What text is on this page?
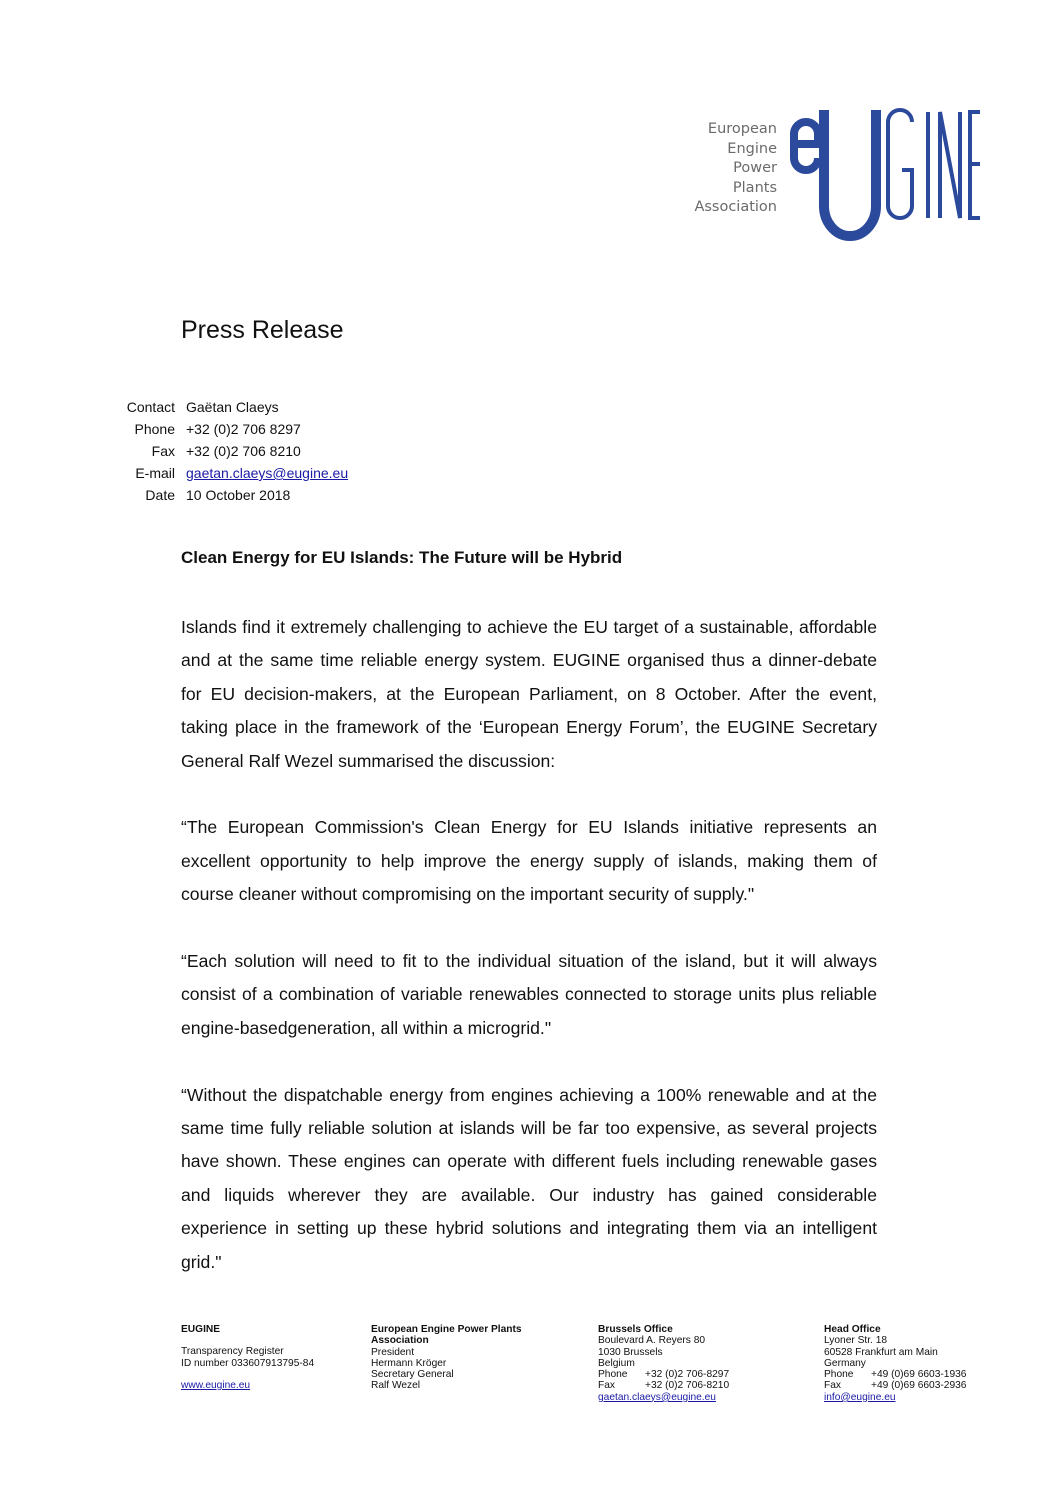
European
Engine
Power
Plants
Association
Press Release
Contact Gaëtan Claeys
Phone +32 (0)2 706 8297
Fax +32 (0)2 706 8210
E-mail gaetan.claeys@eugine.eu
Date 10 October 2018
Clean Energy for EU Islands: The Future will be Hybrid

Islands find it extremely challenging to achieve the EU target of a sustainable, affordable and at the same time reliable energy system. EUGINE organised thus a dinner-debate for EU decision-makers, at the European Parliament, on 8 October. After the event, taking place in the framework of the ‘European Energy Forum’, the EUGINE Secretary General Ralf Wezel summarised the discussion:

“The European Commission's Clean Energy for EU Islands initiative represents an excellent opportunity to help improve the energy supply of islands, making them of course cleaner without compromising on the important security of supply."

“Each solution will need to fit to the individual situation of the island, but it will always consist of a combination of variable renewables connected to storage units plus reliable engine-basedgeneration, all within a microgrid."

“Without the dispatchable energy from engines achieving a 100% renewable and at the same time fully reliable solution at islands will be far too expensive, as several projects have shown. These engines can operate with different fuels including renewable gases and liquids wherever they are available. Our industry has gained considerable experience in setting up these hybrid solutions and integrating them via an intelligent grid."

EUGINE
Transparency Register
ID number 033607913795-84
www.eugine.eu
European Engine Power Plants
Association
President
Hermann Kröger
Secretary General
Ralf Wezel
Brussels Office
Boulevard A. Reyers 80
1030 Brussels
Belgium
Phone	+32 (0)2 706-8297
Fax	+32 (0)2 706-8210
gaetan.claeys@eugine.eu
Head Office
Lyoner Str. 18
60528 Frankfurt am Main
Germany
Phone	+49 (0)69 6603-1936
Fax	+49 (0)69 6603-2936
info@eugine.eu
